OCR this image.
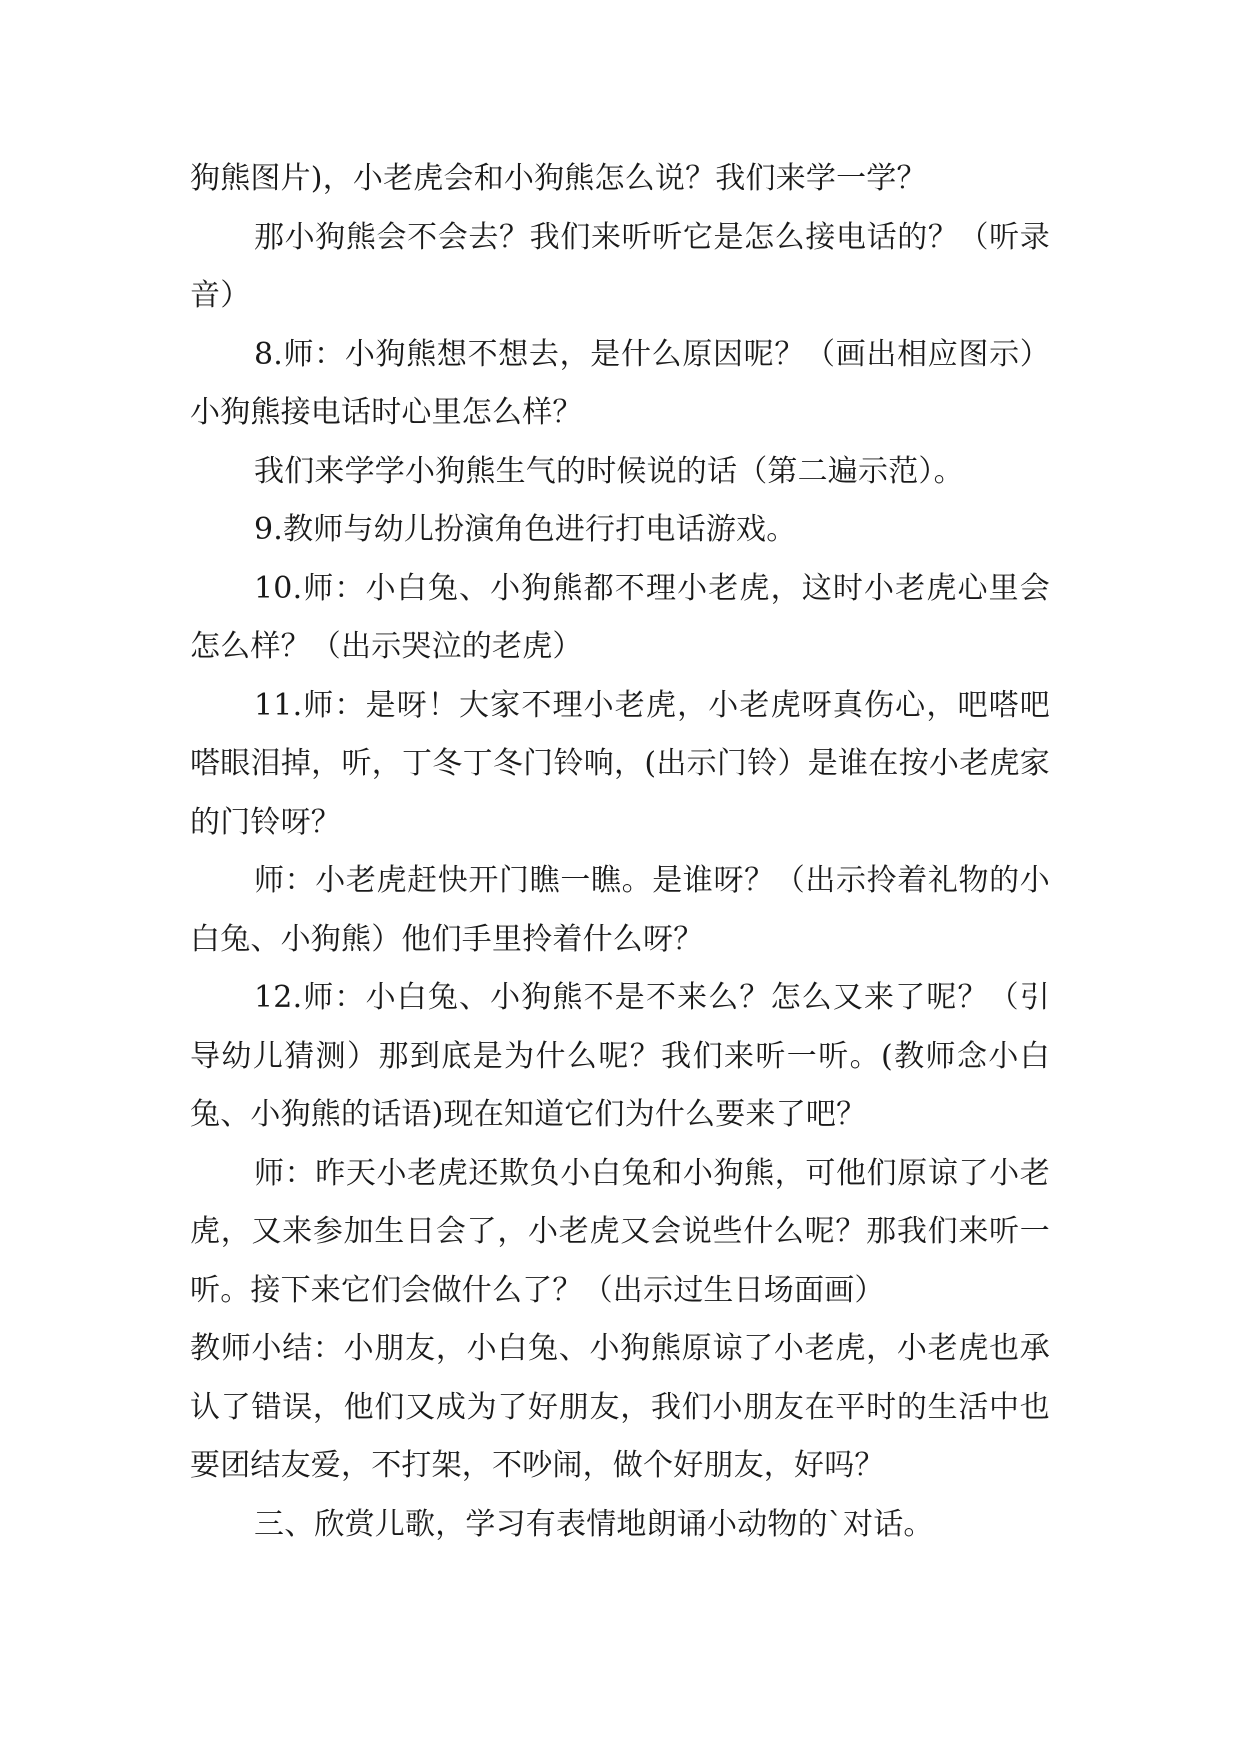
狗熊图片)，小老虎会和小狗熊怎么说？我们来学一学？

那小狗熊会不会去？我们来听听它是怎么接电话的？（听录音）

8.师：小狗熊想不想去，是什么原因呢？（画出相应图示）小狗熊接电话时心里怎么样？

我们来学学小狗熊生气的时候说的话（第二遍示范）。

9.教师与幼儿扮演角色进行打电话游戏。

10.师：小白兔、小狗熊都不理小老虎，这时小老虎心里会怎么样？（出示哭泣的老虎）

11.师：是呀！大家不理小老虎，小老虎呀真伤心，吧嗒吧嗒眼泪掉，听，丁冬丁冬门铃响，(出示门铃）是谁在按小老虎家的门铃呀？

师：小老虎赶快开门瞧一瞧。是谁呀？（出示拎着礼物的小白兔、小狗熊）他们手里拎着什么呀？

12.师：小白兔、小狗熊不是不来么？怎么又来了呢？（引导幼儿猜测）那到底是为什么呢？我们来听一听。(教师念小白兔、小狗熊的话语)现在知道它们为什么要来了吧？

师：昨天小老虎还欺负小白兔和小狗熊，可他们原谅了小老虎，又来参加生日会了，小老虎又会说些什么呢？那我们来听一听。接下来它们会做什么了？（出示过生日场面画）

教师小结：小朋友，小白兔、小狗熊原谅了小老虎，小老虎也承认了错误，他们又成为了好朋友，我们小朋友在平时的生活中也要团结友爱，不打架，不吵闹，做个好朋友，好吗？

三、欣赏儿歌，学习有表情地朗诵小动物的`对话。
